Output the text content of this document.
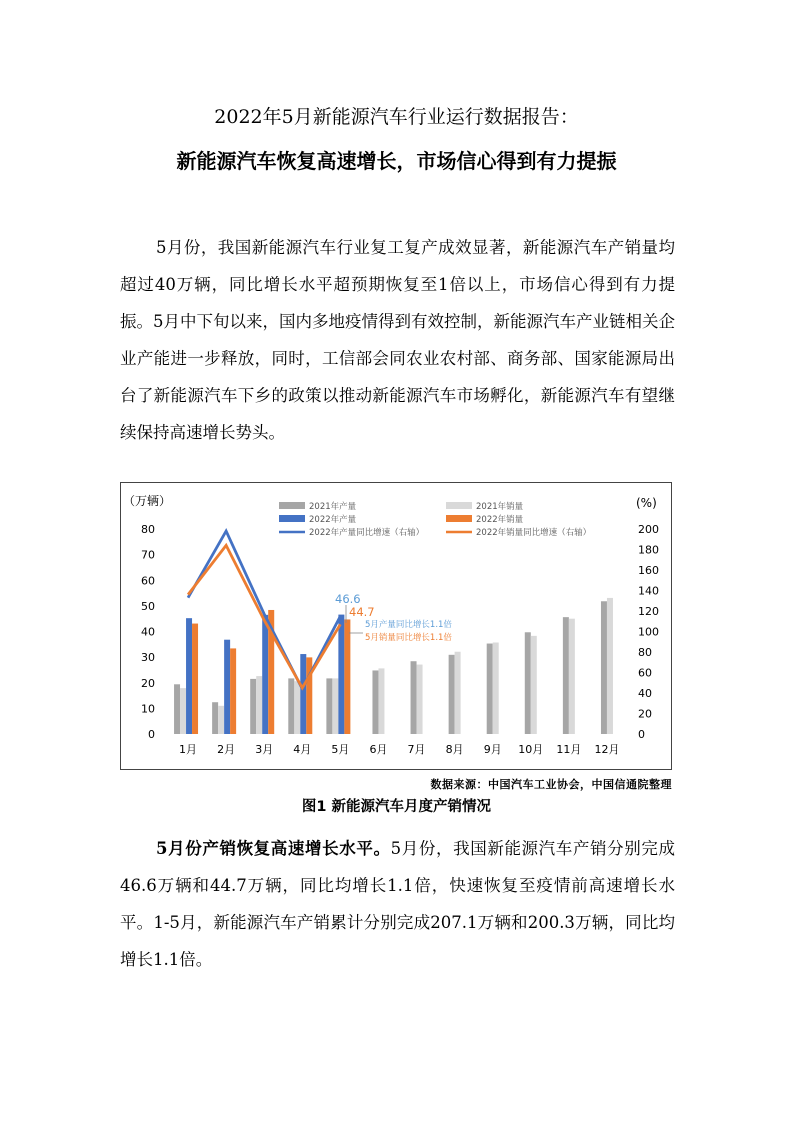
2022年5月新能源汽车行业运行数据报告：
新能源汽车恢复高速增长，市场信心得到有力提振
5月份，我国新能源汽车行业复工复产成效显著，新能源汽车产销量均超过40万辆，同比增长水平超预期恢复至1倍以上，市场信心得到有力提振。5月中下旬以来，国内多地疫情得到有效控制，新能源汽车产业链相关企业产能进一步释放，同时，工信部会同农业农村部、商务部、国家能源局出台了新能源汽车下乡的政策以推动新能源汽车市场孵化，新能源汽车有望继续保持高速增长势头。
（万辆）	(%)
0
10
20
30
40
50
60
70
80
0
20
40
60
80
100
120
140
160
180
200
1月 2月 3月 4月 5月 6月 7月 8月 9月 10月 11月 12月
2021年产量	2021年销量
2022年产量	2022年销量
2022年产量同比增速（右轴）	2022年销量同比增速（右轴）
46.6
44.7
5月产量同比增长1.1倍
5月销量同比增长1.1倍
数据来源：中国汽车工业协会，中国信通院整理
图1 新能源汽车月度产销情况
5月份产销恢复高速增长水平。5月份，我国新能源汽车产销分别完成46.6万辆和44.7万辆，同比均增长1.1倍，快速恢复至疫情前高速增长水平。1-5月，新能源汽车产销累计分别完成207.1万辆和200.3万辆，同比均增长1.1倍。
